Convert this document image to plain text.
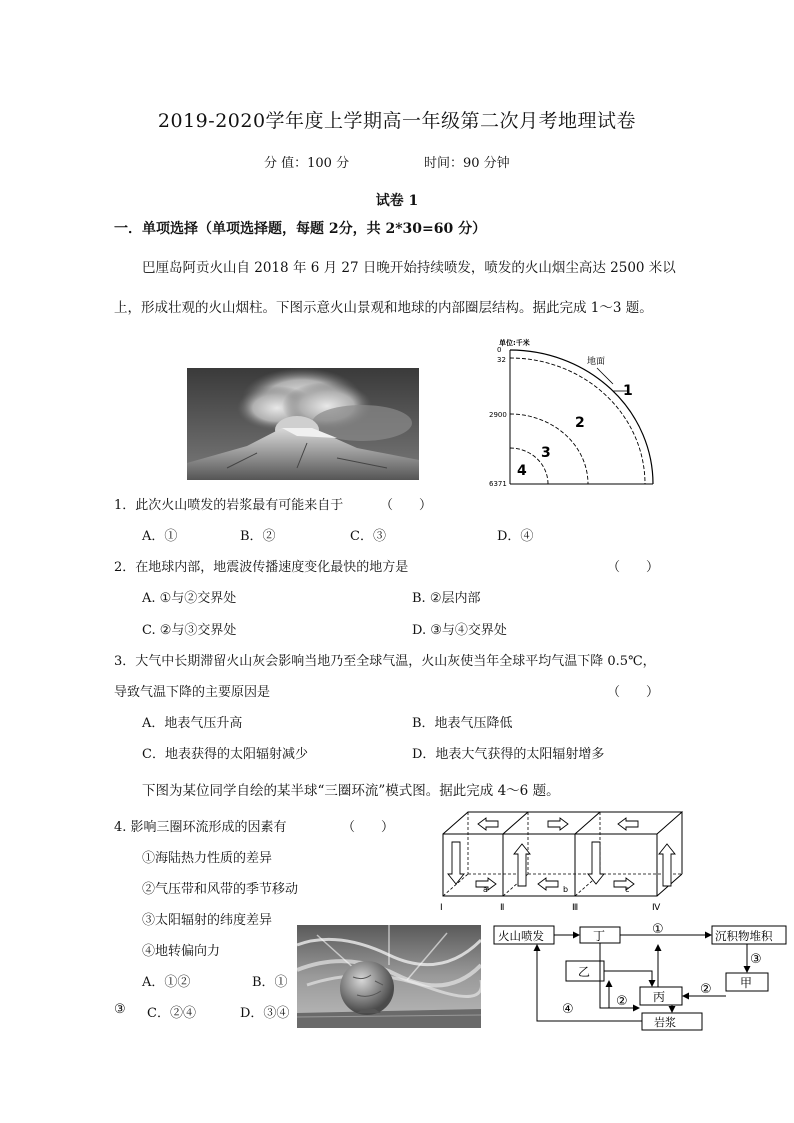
2019-2020学年度上学期高一年级第二次月考地理试卷
分 值：100 分	时间：90 分钟
试卷 1
一．单项选择（单项选择题，每题 2分，共 2*30=60 分）
巴厘岛阿贡火山自 2018 年 6 月 27 日晚开始持续喷发，喷发的火山烟尘高达 2500 米以
上，形成壮观的火山烟柱。下图示意火山景观和地球的内部圈层结构。据此完成 1～3 题。
单位:千米
0
32
2900
6371
地面
1
2
3
4
1．此次火山喷发的岩浆最有可能来自于	（　　）
A．①	B．②	C．③	D．④
2．在地球内部，地震波传播速度变化最快的地方是	（　　）
A. ①与②交界处	B. ②层内部
C. ②与③交界处	D. ③与④交界处
3．大气中长期滞留火山灰会影响当地乃至全球气温，火山灰使当年全球平均气温下降 0.5℃，
导致气温下降的主要原因是	（　　）
A．地表气压升高	B．地表气压降低
C．地表获得的太阳辐射减少	D．地表大气获得的太阳辐射增多
下图为某位同学自绘的某半球“三圈环流”模式图。据此完成 4～6 题。
4. 影响三圈环流形成的因素有	（　　）
①海陆热力性质的差异
②气压带和风带的季节移动
③太阳辐射的纬度差异
④地转偏向力
A．①②	B．①
③ C．②④	D．③④
a	b	c
Ⅰ	Ⅱ	Ⅲ	Ⅳ
火山喷发	丁	沉积物堆积
乙
丙
甲
岩浆
①
②
②
③
④
